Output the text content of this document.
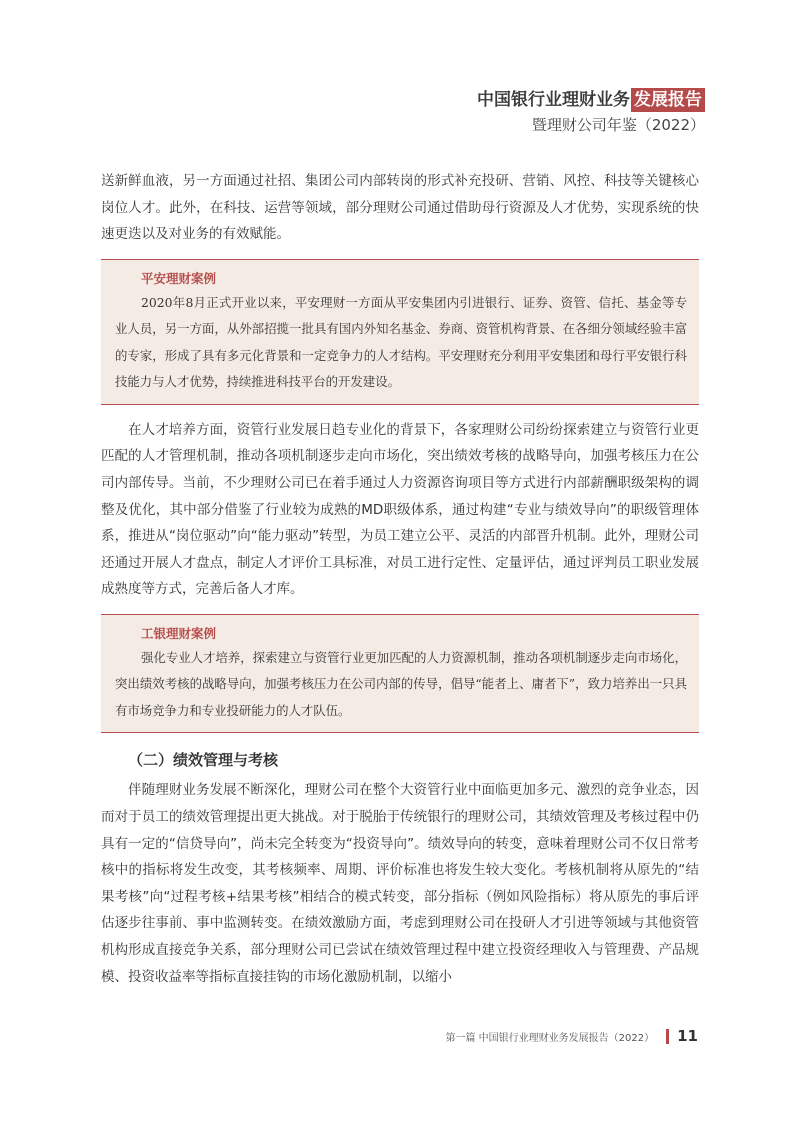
中国银行业理财业务 发展报告
暨理财公司年鉴（2022）

送新鲜血液，另一方面通过社招、集团公司内部转岗的形式补充投研、营销、风控、科技等关键核心岗位人才。此外，在科技、运营等领域，部分理财公司通过借助母行资源及人才优势，实现系统的快速更迭以及对业务的有效赋能。

平安理财案例

2020年8月正式开业以来，平安理财一方面从平安集团内引进银行、证券、资管、信托、基金等专业人员，另一方面，从外部招揽一批具有国内外知名基金、券商、资管机构背景、在各细分领域经验丰富的专家，形成了具有多元化背景和一定竞争力的人才结构。平安理财充分利用平安集团和母行平安银行科技能力与人才优势，持续推进科技平台的开发建设。

在人才培养方面，资管行业发展日趋专业化的背景下，各家理财公司纷纷探索建立与资管行业更匹配的人才管理机制，推动各项机制逐步走向市场化，突出绩效考核的战略导向，加强考核压力在公司内部传导。当前，不少理财公司已在着手通过人力资源咨询项目等方式进行内部薪酬职级架构的调整及优化，其中部分借鉴了行业较为成熟的MD职级体系，通过构建“专业与绩效导向”的职级管理体系，推进从“岗位驱动”向“能力驱动”转型，为员工建立公平、灵活的内部晋升机制。此外，理财公司还通过开展人才盘点，制定人才评价工具标准，对员工进行定性、定量评估，通过评判员工职业发展成熟度等方式，完善后备人才库。

工银理财案例

强化专业人才培养，探索建立与资管行业更加匹配的人力资源机制，推动各项机制逐步走向市场化，突出绩效考核的战略导向，加强考核压力在公司内部的传导，倡导“能者上、庸者下”，致力培养出一只具有市场竞争力和专业投研能力的人才队伍。

（二）绩效管理与考核

伴随理财业务发展不断深化，理财公司在整个大资管行业中面临更加多元、激烈的竞争业态，因而对于员工的绩效管理提出更大挑战。对于脱胎于传统银行的理财公司，其绩效管理及考核过程中仍具有一定的“信贷导向”，尚未完全转变为“投资导向”。绩效导向的转变，意味着理财公司不仅日常考核中的指标将发生改变，其考核频率、周期、评价标准也将发生较大变化。考核机制将从原先的“结果考核”向“过程考核+结果考核”相结合的模式转变，部分指标（例如风险指标）将从原先的事后评估逐步往事前、事中监测转变。在绩效激励方面，考虑到理财公司在投研人才引进等领域与其他资管机构形成直接竞争关系，部分理财公司已尝试在绩效管理过程中建立投资经理收入与管理费、产品规模、投资收益率等指标直接挂钩的市场化激励机制，以缩小

第一篇 中国银行业理财业务发展报告（2022） 11
